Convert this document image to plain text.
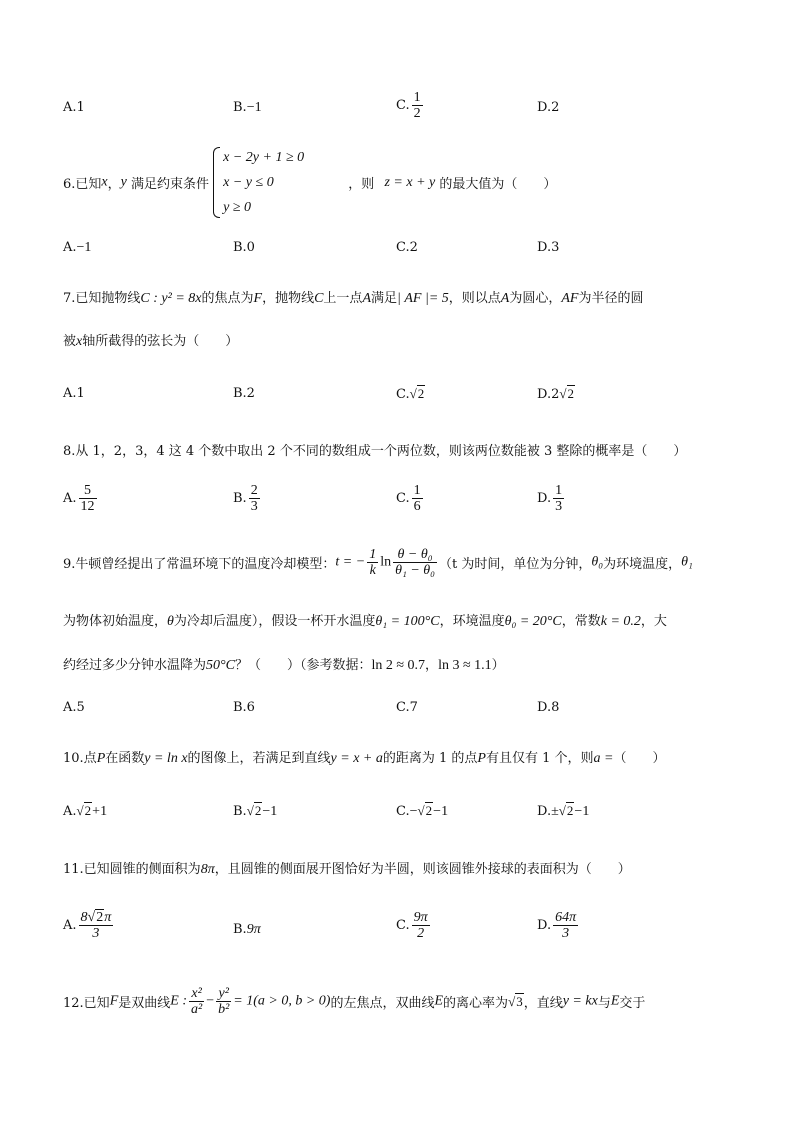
A.1	B.−1	C. $\frac{1}{2}$	D.2
6.已知x，y 满足约束条件
x − 2y + 1 ≥ 0
x − y ≤ 0
y ≥ 0
，则 z = x + y 的最大值为（　　）
A.−1	B.0	C.2	D.3
7.已知抛物线C : y² = 8x的焦点为F，抛物线C上一点A满足| AF |= 5，则以点A为圆心，AF为半径的圆
被x轴所截得的弦长为（　　）
A.1	B.2	C.√2	D.2√2
8.从 1，2，3，4 这 4 个数中取出 2 个不同的数组成一个两位数，则该两位数能被 3 整除的概率是（　　）
A. $\frac{5}{12}$	B. $\frac{2}{3}$	C. $\frac{1}{6}$	D. $\frac{1}{3}$
9.牛顿曾经提出了常温环境下的温度冷却模型：t = − $\frac{1}{k}$ $\ln \frac{\text{θ − θ₀}}{\text{θ₁ − θ₀}} (t$ 为时间，单位为分钟，θ₀为环境温度，θ₁
为物体初始温度，θ为冷却后温度），假设一杯开水温度θ₁ = 100°C，环境温度θ₀ = 20°C，常数k = 0.2，大
约经过多少分钟水温降为50°C？（　　）（参考数据：ln 2 ≈ 0.7，ln 3 ≈ 1.1）
A.5	B.6	C.7	D.8
10.点P在函数y = ln x的图像上，若满足到直线y = x + a的距离为 1 的点P有且仅有 1 个，则a =（　　）
A.√2+1	B.√2−1	C.−√2−1	D.±√2−1
11.已知圆锥的侧面积为8π，且圆锥的侧面展开图恰好为半圆，则该圆锥外接球的表面积为（　　）
A. $\frac{8√2\pi}{3}$	B.9π	C. $\frac{9\pi}{2}$	D. $\frac{64\pi}{3}$
12.已知F是双曲线E : $\frac{\text{x²}}{\text{a²}} - \frac{\text{y²}}{\text{b²}} = 1(a > 0$, b > 0)的左焦点，双曲线E的离心率为√3，直线y = kx与E交于
